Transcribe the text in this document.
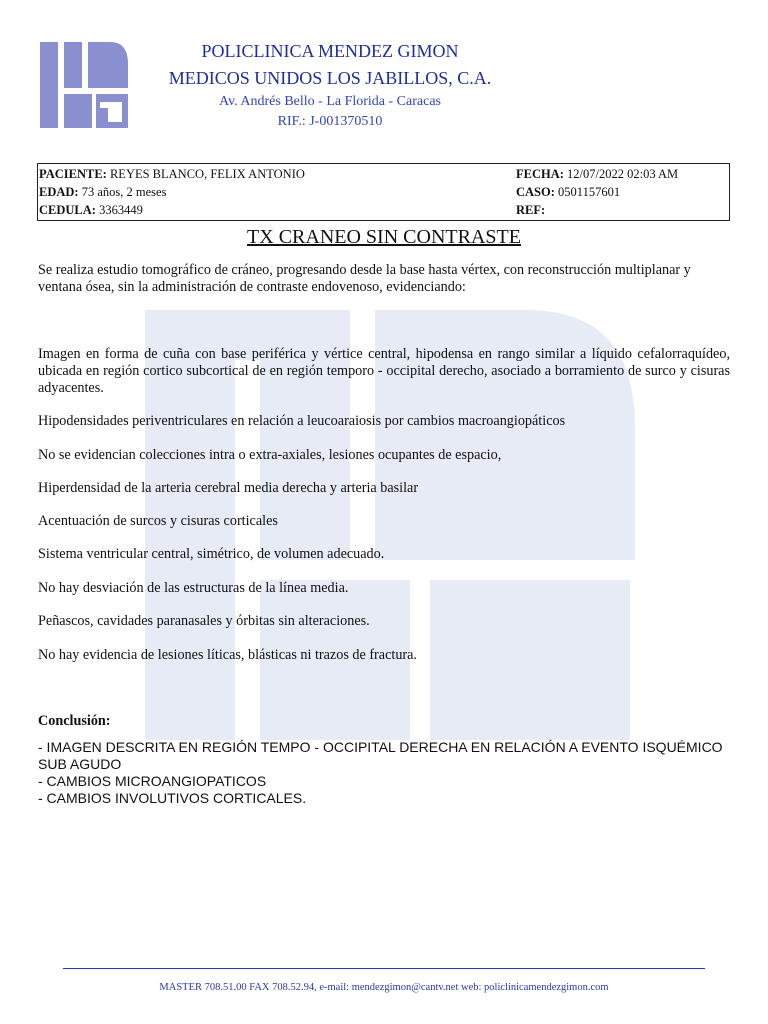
POLICLINICA MENDEZ GIMON
MEDICOS UNIDOS LOS JABILLOS, C.A.
Av. Andrés Bello - La Florida - Caracas
RIF.: J-001370510
PACIENTE: REYES BLANCO, FELIX ANTONIO
EDAD: 73 años, 2 meses
CEDULA: 3363449
FECHA: 12/07/2022 02:03 AM
CASO: 0501157601
REF:
TX CRANEO SIN CONTRASTE
Se realiza estudio tomográfico de cráneo, progresando desde la base hasta vértex, con reconstrucción multiplanar y ventana ósea, sin la administración de contraste endovenoso, evidenciando:
Imagen en forma de cuña con base periférica y vértice central, hipodensa en rango similar a líquido cefalorraquídeo, ubicada en región cortico subcortical de en región temporo - occipital derecho, asociado a borramiento de surco y cisuras adyacentes.
Hipodensidades periventriculares en relación a leucoaraiosis por cambios macroangiopáticos
No se evidencian colecciones intra o extra-axiales, lesiones ocupantes de espacio,
Hiperdensidad de la arteria cerebral media derecha y arteria basilar
Acentuación de surcos y cisuras corticales
Sistema ventricular central, simétrico, de volumen adecuado.
No hay desviación de las estructuras de la línea media.
Peñascos, cavidades paranasales y órbitas sin alteraciones.
No hay evidencia de lesiones líticas, blásticas ni trazos de fractura.
Conclusión:
- IMAGEN DESCRITA EN REGIÓN TEMPO - OCCIPITAL DERECHA EN RELACIÓN A EVENTO ISQUÉMICO SUB AGUDO
- CAMBIOS MICROANGIOPATICOS
- CAMBIOS INVOLUTIVOS CORTICALES.
MASTER 708.51.00 FAX 708.52.94, e-mail: mendezgimon@cantv.net web: policlinicamendezgimon.com
